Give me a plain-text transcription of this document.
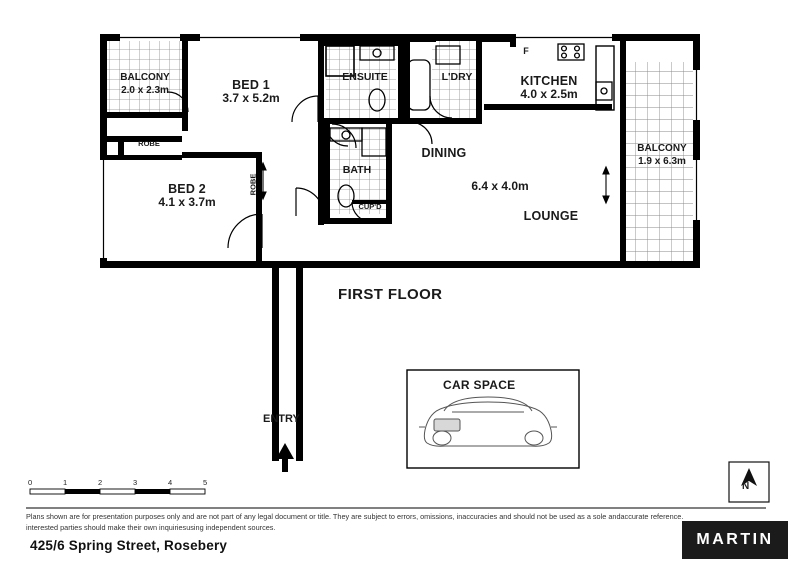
BALCONY
2.0 x 2.3m	BED 1
3.7 x 5.2m
ENSUITE	L'DRY	KITCHEN
4.0 x 2.5m
BALCONY
1.9 x 6.3m
ROBE
BATH
DINING
BED 2
4.1 x 3.7m
ROBE
CUP'D
LOUNGE
6.4 x 4.0m
F
FIRST FLOOR
ENTRY
CAR SPACE
0	1	2	3	4	5	N
Plans shown are for presentation purposes only and are not part of any legal document or title. They are subject to errors, omissions, inaccuracies and should not be used as a sole andaccurate reference.
interested parties should make their own inquiriesusing independent sources.
425/6 Spring Street, Rosebery	MARTIN
